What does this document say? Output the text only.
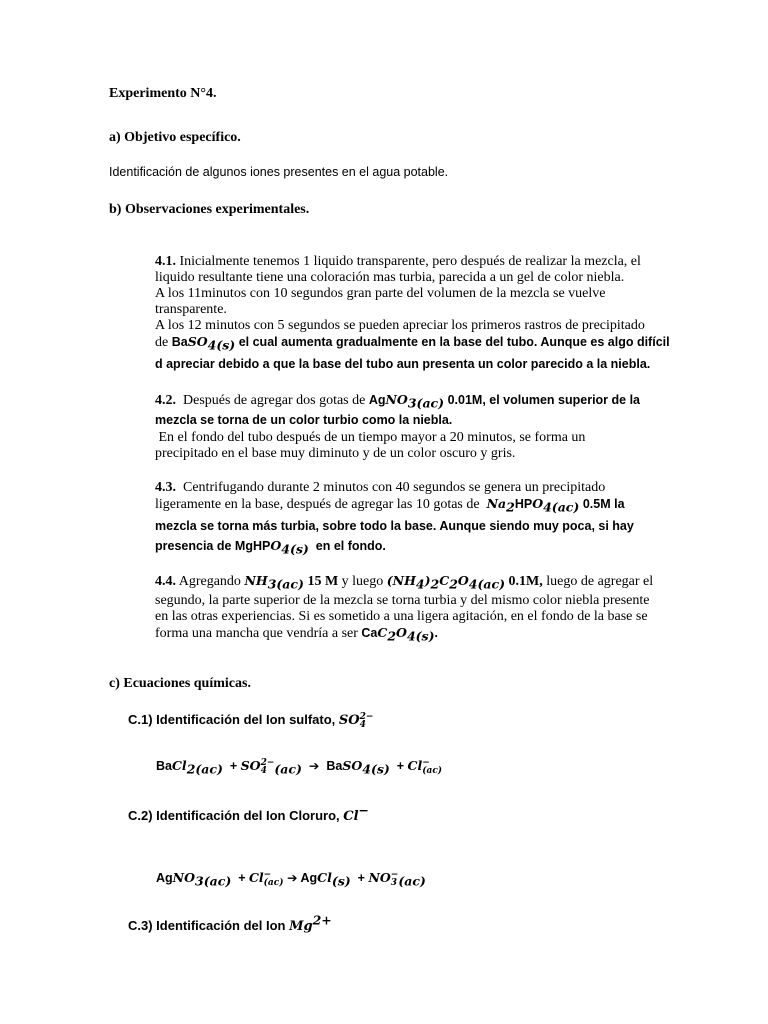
Experimento N°4.
a) Objetivo específico.
Identificación de algunos iones presentes en el agua potable.
b) Observaciones experimentales.
4.1. Inicialmente tenemos 1 liquido transparente, pero después de realizar la mezcla, el
liquido resultante tiene una coloración mas turbia, parecida a un gel de color niebla.
A los 11minutos con 10 segundos gran parte del volumen de la mezcla se vuelve
transparente.
A los 12 minutos con 5 segundos se pueden apreciar los primeros rastros de precipitado
de BaSO$_{4(s)}$ el cual aumenta gradualmente en la base del tubo. Aunque es algo difícil
d apreciar debido a que la base del tubo aun presenta un color parecido a la niebla.
4.2. Después de agregar dos gotas de AgNO$_{3(ac)}$ 0.01M, el volumen superior de la
mezcla se torna de un color turbio como la niebla.
En el fondo del tubo después de un tiempo mayor a 20 minutos, se forma un
precipitado en el base muy diminuto y de un color oscuro y gris.
4.3. Centrifugando durante 2 minutos con 40 segundos se genera un precipitado
ligeramente en la base, después de agregar las 10 gotas de $Na_2HPO_{4(ac)}$ 0.5M la
mezcla se torna más turbia, sobre todo la base. Aunque siendo muy poca, si hay
presencia de MgHPO$_{4(s)}$ en el fondo.
4.4. Agregando $NH_{3(ac)}$ 15 M y luego $(NH_4)_2C_2O_{4(ac)}$ 0.1M, luego de agregar el
segundo, la parte superior de la mezcla se torna turbia y del mismo color niebla presente
en las otras experiencias. Si es sometido a una ligera agitación, en el fondo de la base se
forma una mancha que vendría a ser $CaC_2O_{4(s)}$.
c) Ecuaciones químicas.
C.1) Identificación del Ion sulfato, SO 2−
4
BaCl$_{2(ac)}$  + SO 2−
4 $_{(ac)}$ ➔  BaSO$_{4(s)}$  + Cl −
(ac)
C.2) Identificación del Ion Cloruro, Cl−
AgNO$_{3(ac)}$  + Cl −
(ac) ➔ AgCl$_{(s)}$  + NO −
3 $_{(ac)}$
C.3) Identificación del Ion $Mg^{2+}$
